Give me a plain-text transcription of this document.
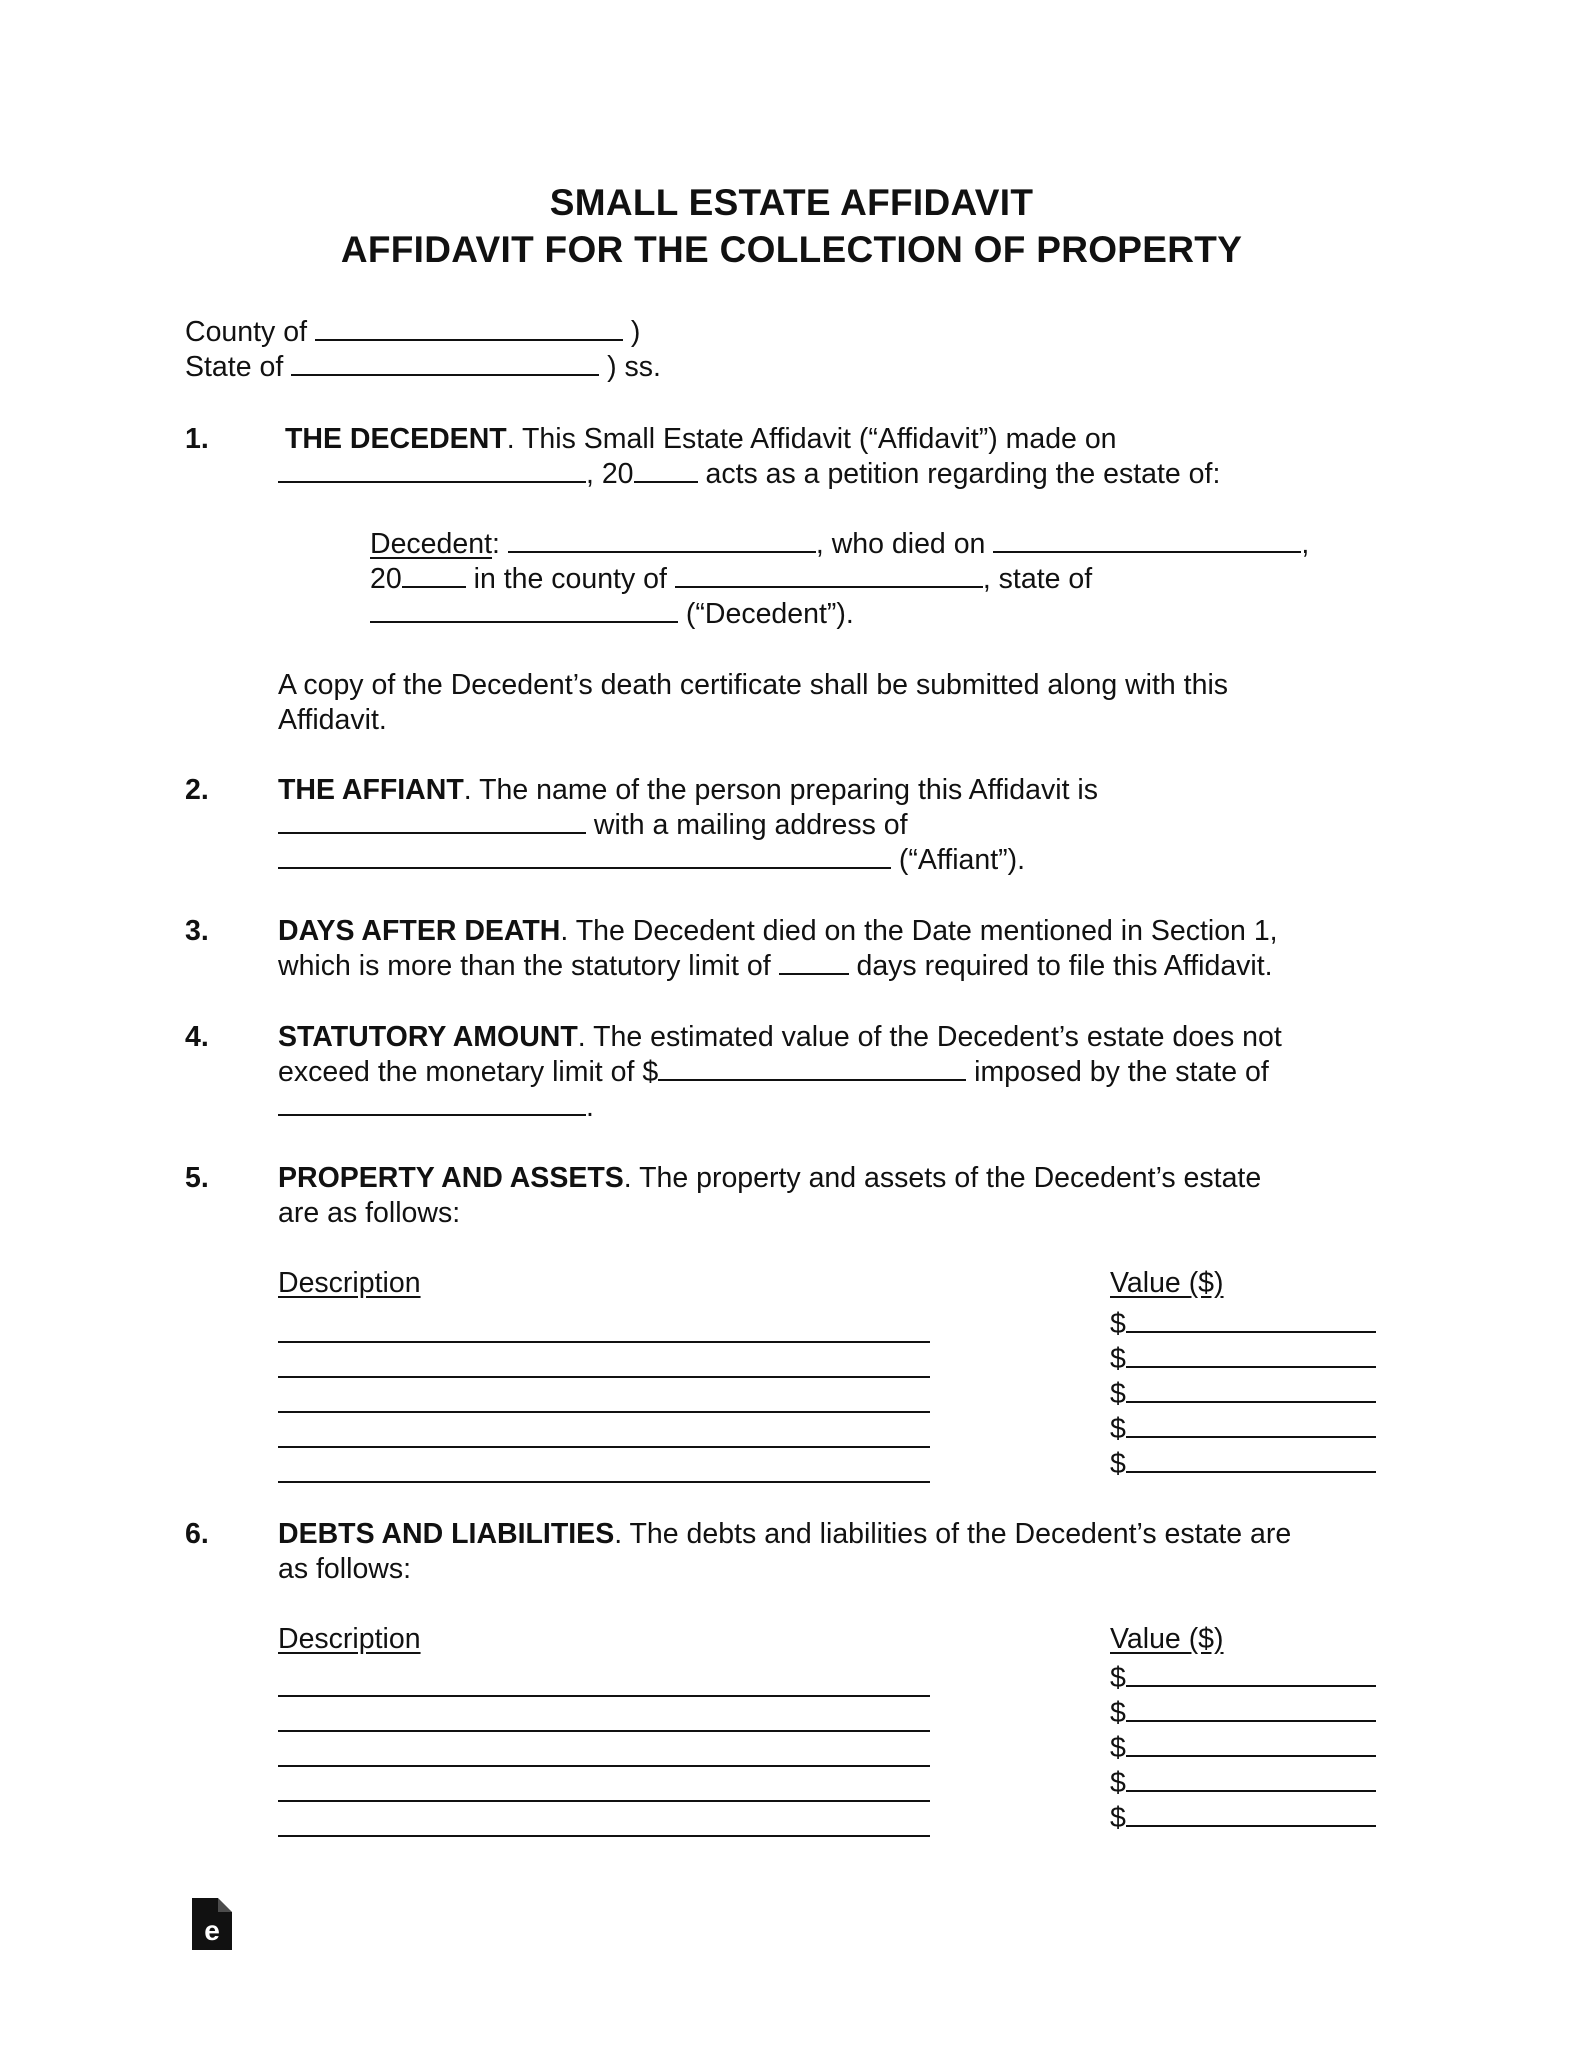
SMALL ESTATE AFFIDAVIT
AFFIDAVIT FOR THE COLLECTION OF PROPERTY
County of	)
State of	) ss.
1.	THE DECEDENT. This Small Estate Affidavit (“Affidavit”) made on
, 20 acts as a petition regarding the estate of:
Decedent:	, who died on	,
20 in the county of	, state of
(“Decedent”).
A copy of the Decedent’s death certificate shall be submitted along with this
Affidavit.
2. THE AFFIANT. The name of the person preparing this Affidavit is
with a mailing address of
(“Affiant”).
3. DAYS AFTER DEATH. The Decedent died on the Date mentioned in Section 1,
which is more than the statutory limit of	days required to file this Affidavit.
4. STATUTORY AMOUNT. The estimated value of the Decedent’s estate does not
exceed the monetary limit of $	imposed by the state of
.
5. PROPERTY AND ASSETS. The property and assets of the Decedent’s estate
are as follows:
Description	Value ($)
$
$
$
$
$
6. DEBTS AND LIABILITIES. The debts and liabilities of the Decedent’s estate are
as follows:
Description	Value ($)
$
$
$
$
$
e
